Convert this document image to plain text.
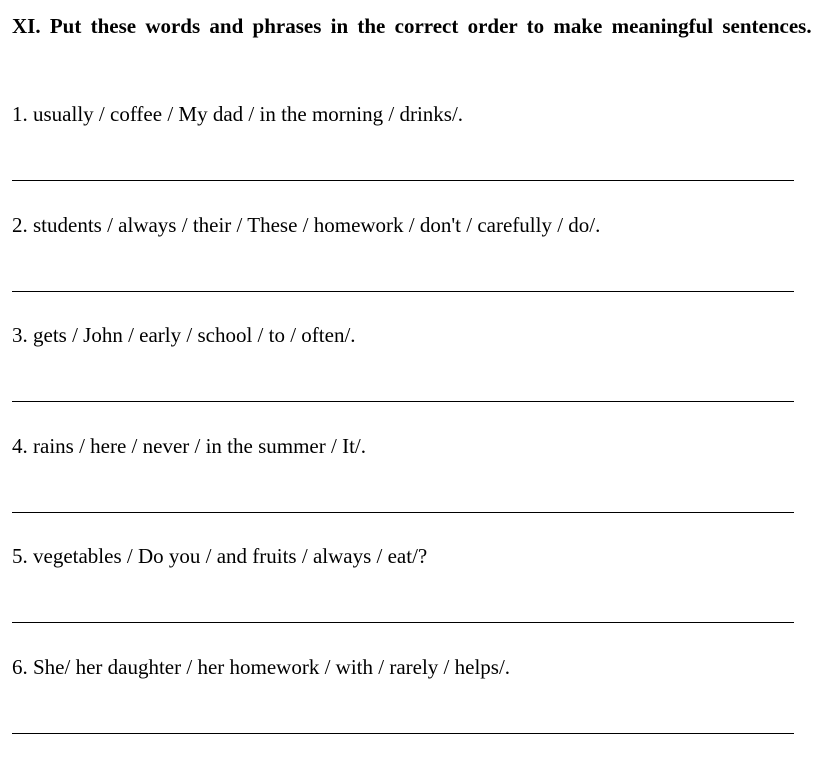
XI. Put these words and phrases in the correct order to make meaningful sentences.
1. usually / coffee / My dad / in the morning / drinks/.
2. students / always / their / These / homework / don't / carefully / do/.
3. gets / John / early / school / to / often/.
4. rains / here / never / in the summer / It/.
5. vegetables / Do you / and fruits / always / eat/?
6. She/ her daughter / her homework / with / rarely / helps/.
